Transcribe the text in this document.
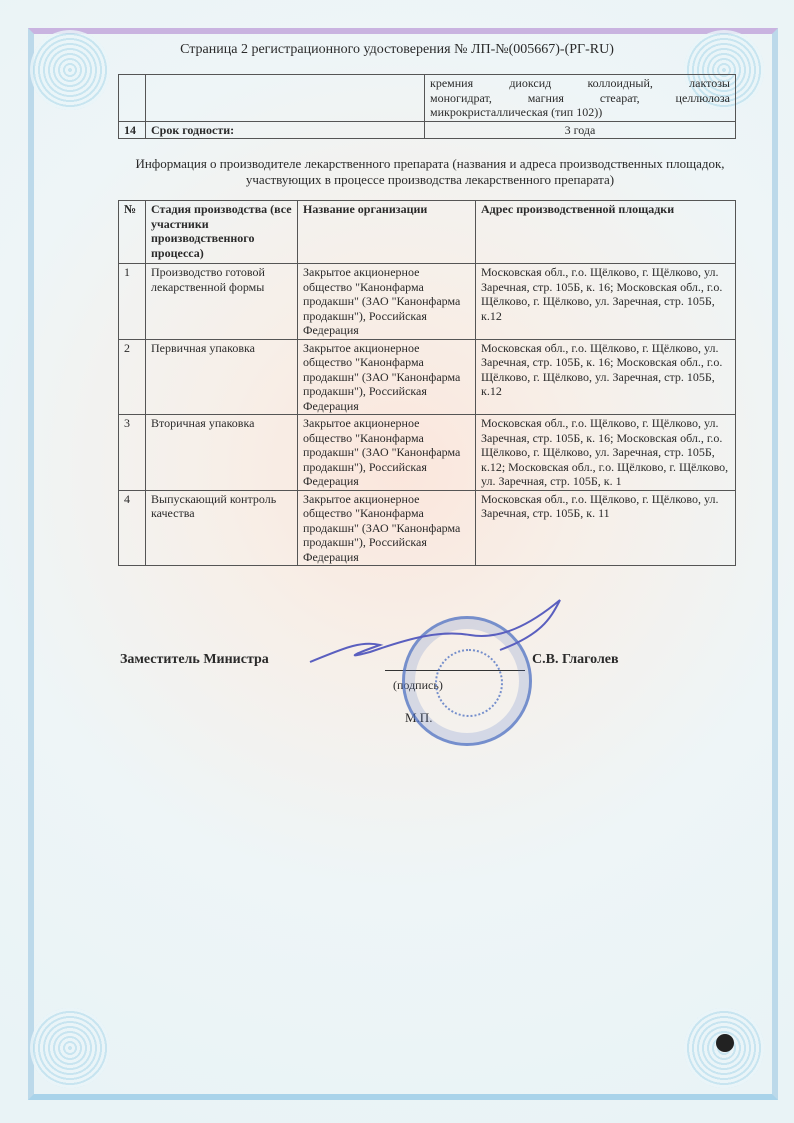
Страница 2 регистрационного удостоверения № ЛП-№(005667)-(РГ-RU)

		кремния диоксид коллоидный, лактозы
моногидрат, магния стеарат, целлюлоза
микрокристаллическая (тип 102))

14	Срок годности:	3 года
Информация о производителе лекарственного препарата (названия и адреса производственных площадок, участвующих в процессе производства лекарственного препарата)
№	Стадия производства (все участники производственного процесса)	Название организации	Адрес производственной площадки
1	Производство готовой лекарственной формы	Закрытое акционерное общество "Канонфарма продакшн" (ЗАО "Канонфарма продакшн"), Российская Федерация	Московская обл., г.о. Щёлково, г. Щёлково, ул. Заречная, стр. 105Б, к. 16; Московская обл., г.о. Щёлково, г. Щёлково, ул. Заречная, стр. 105Б, к.12
2	Первичная упаковка	Закрытое акционерное общество "Канонфарма продакшн" (ЗАО "Канонфарма продакшн"), Российская Федерация	Московская обл., г.о. Щёлково, г. Щёлково, ул. Заречная, стр. 105Б, к. 16; Московская обл., г.о. Щёлково, г. Щёлково, ул. Заречная, стр. 105Б, к.12
3	Вторичная упаковка	Закрытое акционерное общество "Канонфарма продакшн" (ЗАО "Канонфарма продакшн"), Российская Федерация	Московская обл., г.о. Щёлково, г. Щёлково, ул. Заречная, стр. 105Б, к. 16; Московская обл., г.о. Щёлково, г. Щёлково, ул. Заречная, стр. 105Б, к.12; Московская обл., г.о. Щёлково, г. Щёлково, ул. Заречная, стр. 105Б, к. 1
4	Выпускающий контроль качества	Закрытое акционерное общество "Канонфарма продакшн" (ЗАО "Канонфарма продакшн"), Российская Федерация	Московская обл., г.о. Щёлково, г. Щёлково, ул. Заречная, стр. 105Б, к. 11
Заместитель Министра	С.В. Глаголев
(подпись)
М.П.
